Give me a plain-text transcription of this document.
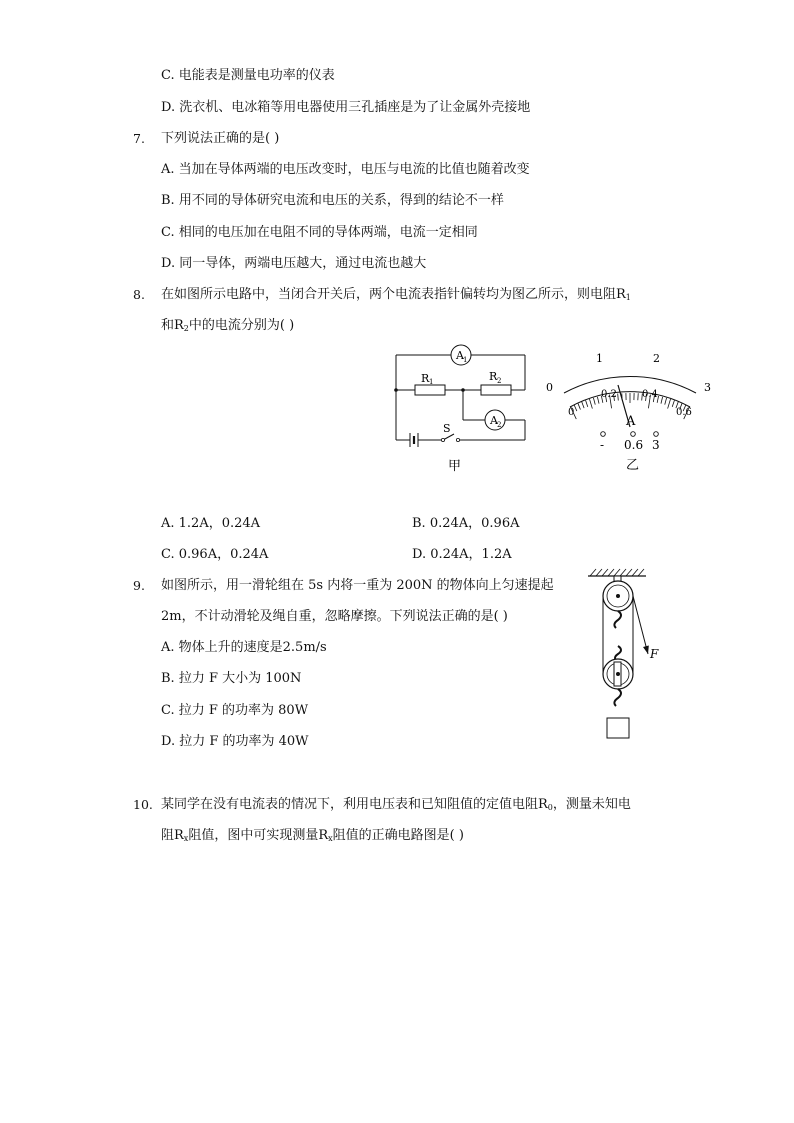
C. 电能表是测量电功率的仪表
D. 洗衣机、电冰箱等用电器使用三孔插座是为了让金属外壳接地
7. 下列说法正确的是( )
A. 当加在导体两端的电压改变时，电压与电流的比值也随着改变
B. 用不同的导体研究电流和电压的关系，得到的结论不一样
C. 相同的电压加在电阻不同的导体两端，电流一定相同
D. 同一导体，两端电压越大，通过电流也越大
8. 在如图所示电路中，当闭合开关后，两个电流表指针偏转均为图乙所示，则电阻$R_1$
和$R_2$中的电流分别为( )
A 1
A 2
R 1	R 2
S
甲
0
1	2
3
0
0.2	0.4
0.6
A
- 0.6 3
乙
A. 1.2A，0.24A	B. 0.24A，0.96A
C. 0.96A，0.24A	D. 0.24A，1.2A
9. 如图所示，用一滑轮组在 5s 内将一重为 200N 的物体向上匀速提起
2m，不计动滑轮及绳自重，忽略摩擦。下列说法正确的是( )
A. 物体上升的速度是2.5m/s
B. 拉力 F 大小为 100N
C. 拉力 F 的功率为 80W
D. 拉力 F 的功率为 40W
F
10. 某同学在没有电流表的情况下，利用电压表和已知阻值的定值电阻$R_0$，测量未知电
阻$R_x$阻值，图中可实现测量$R_x$阻值的正确电路图是( )
